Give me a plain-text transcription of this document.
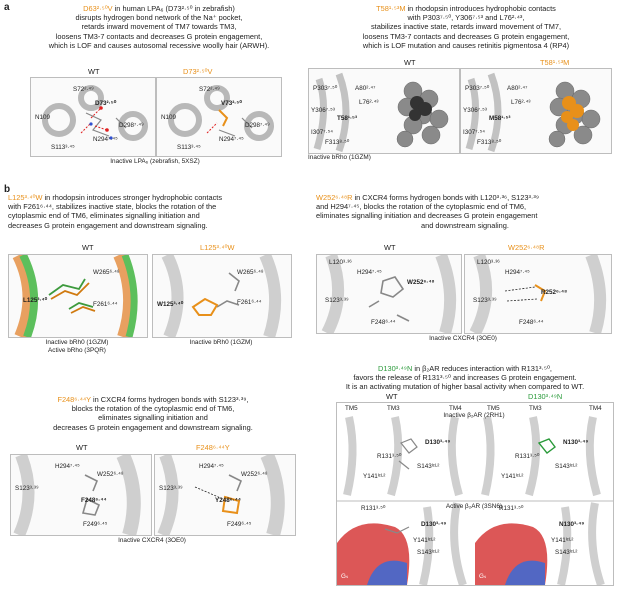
a	D63²·⁵⁰V in human LPA₆ (D73²·⁵⁰ in zebrafish)
disrupts hydrogen bond network of the Na⁺ pocket,
retards inward movement of TM7 towards TM3,
loosens TM3-7 contacts and decreases G protein engagement,
which is LOF and causes autosomal recessive woolly hair (ARWH).
WT
S72²·⁴⁹
D73²·⁵⁰
N109
D298⁷·⁴⁹
N294⁷·⁴⁵
S113³·⁴⁵
D73²·⁵⁰V
S72²·⁴⁹
V73²·⁵⁰
N109
D298⁷·⁴⁹
N294⁷·⁴⁵
S113³·⁴⁵
Inactive LPA₆ (zebrafish, 5XSZ)
T58¹·⁵³M in rhodopsin introduces hydrophobic contacts
with P303⁷·⁵⁰, Y306⁷·⁵³ and L76²·⁴³,
stabilizes inactive state, retards inward movement of TM7,
loosens TM3-7 contacts and decreases G protein engagement,
which is LOF mutation and causes retinitis pigmentosa 4 (RP4)
WT
P303⁷·⁵⁰	A80²·⁴⁷
L76²·⁴³
Y306⁷·⁵³
T58¹·⁵³
I307⁷·⁵⁴
F313⁸·⁵⁰
T58¹·⁵³M
P303⁷·⁵⁰	A80²·⁴⁷
L76²·⁴³
Y306⁷·⁵³
M58¹·⁵³
I307⁷·⁵⁴
F313⁸·⁵⁰
Inactive bRho (1GZM)
b
L125³·⁴⁰W in rhodopsin introduces stronger hydrophobic contacts
with F261⁶·⁴⁴, stabilizes inactive state, blocks the rotation of the
cytoplasmic end of TM6, eliminates signalling initiation and
decreases G protein engagement and downstream signaling.
WT
W265⁶·⁴⁸
L125³·⁴⁰
F261⁶·⁴⁴
Inactive bRh0 (1GZM)
Active bRho (3PQR)
L125³·⁴⁰W
W265⁶·⁴⁸
W125³·⁴⁰	F261⁶·⁴⁴
Inactive bRh0 (1GZM)
W252⁶·⁴⁸R in CXCR4 forms hydrogen bonds with L120³·³⁶, S123³·³⁹
and H294⁷·⁴⁵, blocks the rotation of the cytoplasmic end of TM6,
eliminates signalling initiation and decreases G protein engagement
and downstream signaling.
WT
L120³·³⁶
H294⁷·⁴⁵
W252⁶·⁴⁸
S123³·³⁹
F248⁶·⁴⁴
W252⁶·⁴⁸R
L120³·³⁶
H294⁷·⁴⁵
R252⁶·⁴⁸
S123³·³⁹
F248⁶·⁴⁴
Inactive CXCR4 (3OE0)
F248⁶·⁴⁴Y in CXCR4 forms hydrogen bonds with S123³·³⁹,
blocks the rotation of the cytoplasmic end of TM6,
eliminates signalling initiation and
decreases G protein engagement and downstream signaling.
WT
H294⁷·⁴⁵
W252⁶·⁴⁸
S123³·³⁹
F248⁶·⁴⁴
F249⁶·⁴⁵
F248⁶·⁴⁴Y
H294⁷·⁴⁵
W252⁶·⁴⁸
S123³·³⁹
Y248⁶·⁴⁴
F249⁶·⁴⁵
Inactive CXCR4 (3OE0)
D130³·⁴⁹N in β₂AR reduces interaction with R131³·⁵⁰,
favors the release of R131³·⁵⁰ and increases G protein engagement.
It is an activating mutation of higher basal activity when compared to WT.
WT	D130³·⁴⁹N
TM5	TM3	TM4	TM5	TM3	TM4
D130³·⁴⁹
R131³·⁵⁰
S143ᴵᶜᴸ²
Y141ᴵᶜᴸ²
N130³·⁴⁹
R131³·⁵⁰
S143ᴵᶜᴸ²
Y141ᴵᶜᴸ²
R131³·⁵⁰
D130³·⁴⁹
Y141ᴵᶜᴸ²
S143ᴵᶜᴸ²
Gₛ
R131³·⁵⁰
N130³·⁴⁹
Y141ᴵᶜᴸ²
S143ᴵᶜᴸ²
Gₛ
Inactive β₂AR (2RH1)
Active β₂AR (3SN6)
